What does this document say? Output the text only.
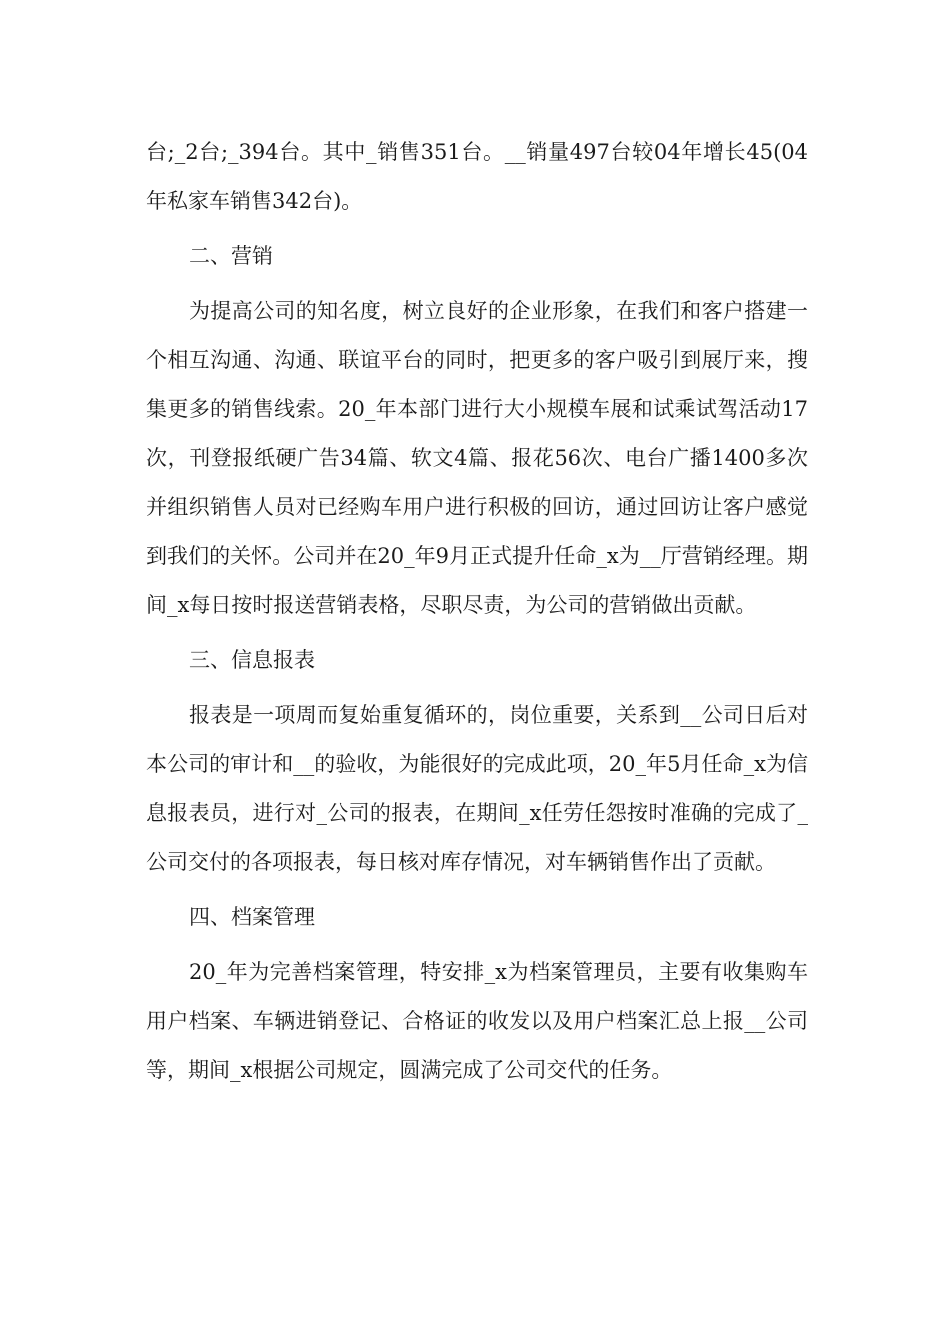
台;_2台;_394台。其中_销售351台。__销量497台较04年增长45(04年私家车销售342台)。

二、营销

为提高公司的知名度，树立良好的企业形象，在我们和客户搭建一个相互沟通、沟通、联谊平台的同时，把更多的客户吸引到展厅来，搜集更多的销售线索。20_年本部门进行大小规模车展和试乘试驾活动17次，刊登报纸硬广告34篇、软文4篇、报花56次、电台广播1400多次并组织销售人员对已经购车用户进行积极的回访，通过回访让客户感觉到我们的关怀。公司并在20_年9月正式提升任命_x为__厅营销经理。期间_x每日按时报送营销表格，尽职尽责，为公司的营销做出贡献。

三、信息报表

报表是一项周而复始重复循环的，岗位重要，关系到__公司日后对本公司的审计和__的验收，为能很好的完成此项，20_年5月任命_x为信息报表员，进行对_公司的报表，在期间_x任劳任怨按时准确的完成了_公司交付的各项报表，每日核对库存情况，对车辆销售作出了贡献。

四、档案管理

20_年为完善档案管理，特安排_x为档案管理员，主要有收集购车用户档案、车辆进销登记、合格证的收发以及用户档案汇总上报__公司等，期间_x根据公司规定，圆满完成了公司交代的任务。
